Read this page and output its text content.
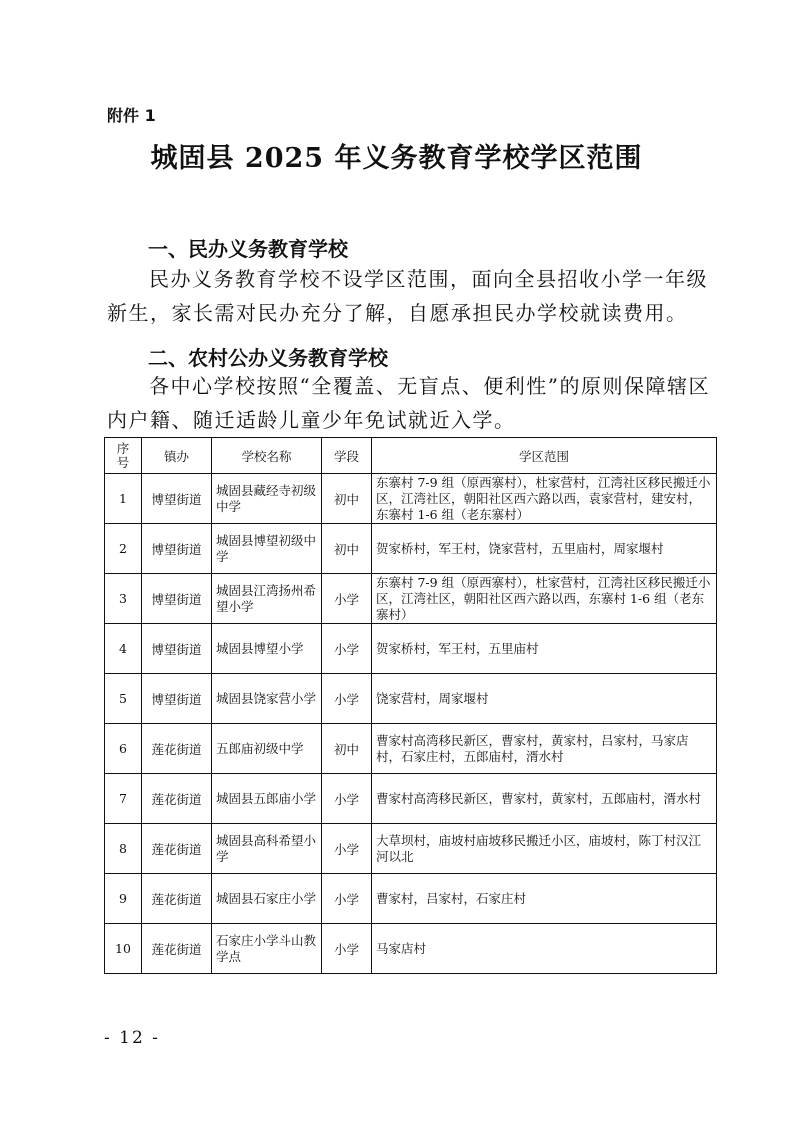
附件 1
城固县 2025 年义务教育学校学区范围
一、民办义务教育学校
民办义务教育学校不设学区范围，面向全县招收小学一年级
新生，家长需对民办充分了解，自愿承担民办学校就读费用。
二、农村公办义务教育学校
各中心学校按照“全覆盖、无盲点、便利性”的原则保障辖区
内户籍、随迁适龄儿童少年免试就近入学。
序号	镇办	学校名称	学段	学区范围
1	博望街道	城固县藏经寺初级中学	初中	东寨村 7-9 组（原西寨村），杜家营村，江湾社区移民搬迁小区，江湾社区，朝阳社区西六路以西，袁家营村，建安村，东寨村 1-6 组（老东寨村）
2	博望街道	城固县博望初级中学	初中	贺家桥村，军王村，饶家营村，五里庙村，周家堰村
3	博望街道	城固县江湾扬州希望小学	小学	东寨村 7-9 组（原西寨村），杜家营村，江湾社区移民搬迁小区，江湾社区，朝阳社区西六路以西，东寨村 1-6 组（老东寨村）
4	博望街道	城固县博望小学	小学	贺家桥村，军王村，五里庙村
5	博望街道	城固县饶家营小学	小学	饶家营村，周家堰村
6	莲花街道	五郎庙初级中学	初中	曹家村高湾移民新区，曹家村，黄家村，吕家村，马家店村，石家庄村，五郎庙村，湑水村
7	莲花街道	城固县五郎庙小学	小学	曹家村高湾移民新区，曹家村，黄家村，五郎庙村，湑水村
8	莲花街道	城固县高科希望小学	小学	大草坝村，庙坡村庙坡移民搬迁小区，庙坡村，陈丁村汉江河以北
9	莲花街道	城固县石家庄小学	小学	曹家村，吕家村，石家庄村
10	莲花街道	石家庄小学斗山教学点	小学	马家店村
- 12 -
